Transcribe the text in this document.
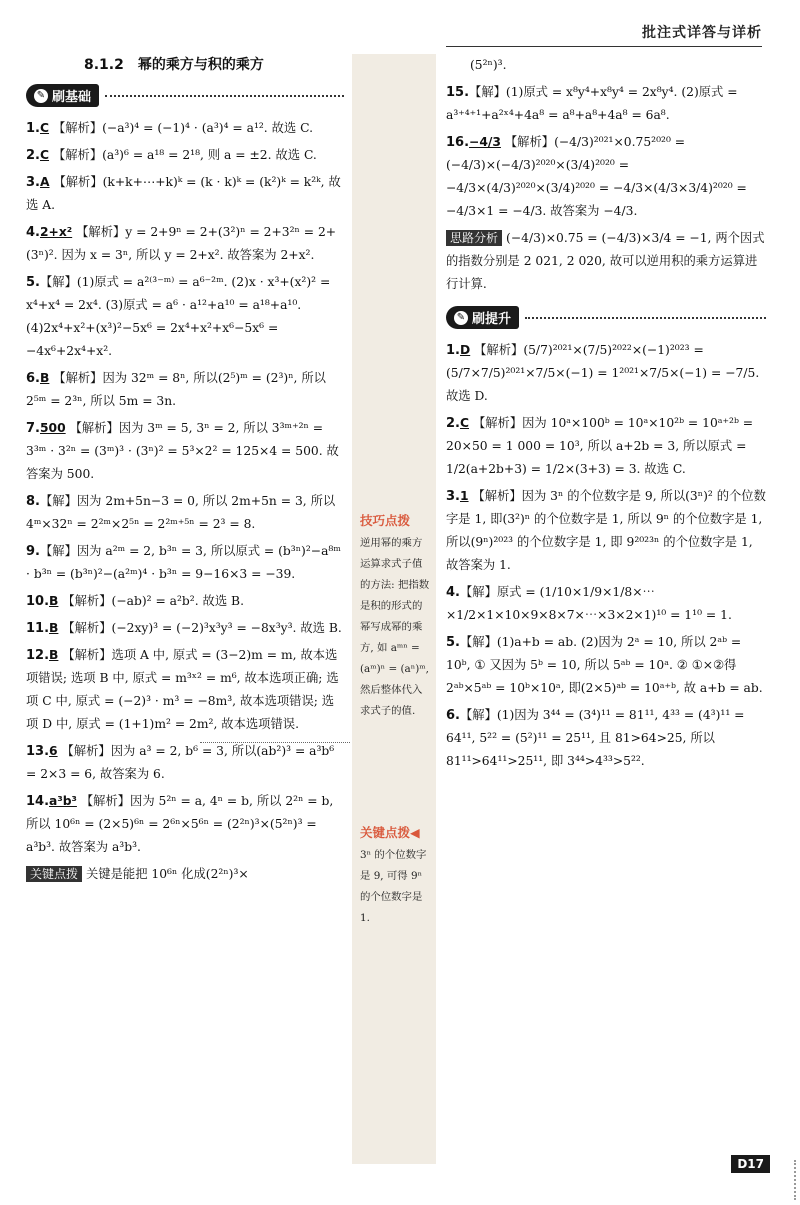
批注式详答与详析
8.1.2　幂的乘方与积的乘方
✎ 刷基础
1.C 【解析】(−a³)⁴ = (−1)⁴ · (a³)⁴ = a¹². 故选 C.
2.C 【解析】(a³)⁶ = a¹⁸ = 2¹⁸, 则 a = ±2. 故选 C.
3.A 【解析】(k+k+⋯+k)ᵏ = (k · k)ᵏ = (k²)ᵏ = k²ᵏ, 故选 A.
4.2+x² 【解析】y = 2+9ⁿ = 2+(3²)ⁿ = 2+3²ⁿ = 2+(3ⁿ)². 因为 x = 3ⁿ, 所以 y = 2+x². 故答案为 2+x².
5.【解】(1)原式 = a²⁽³⁻ᵐ⁾ = a⁶⁻²ᵐ. (2)x · x³+(x²)² = x⁴+x⁴ = 2x⁴. (3)原式 = a⁶ · a¹²+a¹⁰ = a¹⁸+a¹⁰. (4)2x⁴+x²+(x³)²−5x⁶ = 2x⁴+x²+x⁶−5x⁶ = −4x⁶+2x⁴+x².
6.B 【解析】因为 32ᵐ = 8ⁿ, 所以(2⁵)ᵐ = (2³)ⁿ, 所以 2⁵ᵐ = 2³ⁿ, 所以 5m = 3n.
7.500 【解析】因为 3ᵐ = 5, 3ⁿ = 2, 所以 3³ᵐ⁺²ⁿ = 3³ᵐ · 3²ⁿ = (3ᵐ)³ · (3ⁿ)² = 5³×2² = 125×4 = 500. 故答案为 500.
8.【解】因为 2m+5n−3 = 0, 所以 2m+5n = 3, 所以 4ᵐ×32ⁿ = 2²ᵐ×2⁵ⁿ = 2²ᵐ⁺⁵ⁿ = 2³ = 8.
9.【解】因为 a²ᵐ = 2, b³ⁿ = 3, 所以原式 = (b³ⁿ)²−a⁸ᵐ · b³ⁿ = (b³ⁿ)²−(a²ᵐ)⁴ · b³ⁿ = 9−16×3 = −39.
10.B 【解析】(−ab)² = a²b². 故选 B.
11.B 【解析】(−2xy)³ = (−2)³x³y³ = −8x³y³. 故选 B.
12.B 【解析】选项 A 中, 原式 = (3−2)m = m, 故本选项错误; 选项 B 中, 原式 = m³ˣ² = m⁶, 故本选项正确; 选项 C 中, 原式 = (−2)³ · m³ = −8m³, 故本选项错误; 选项 D 中, 原式 = (1+1)m² = 2m², 故本选项错误.
13.6 【解析】因为 a³ = 2, b⁶ = 3, 所以(ab²)³ = a³b⁶ = 2×3 = 6, 故答案为 6.
14.a³b³ 【解析】因为 5²ⁿ = a, 4ⁿ = b, 所以 2²ⁿ = b, 所以 10⁶ⁿ = (2×5)⁶ⁿ = 2⁶ⁿ×5⁶ⁿ = (2²ⁿ)³×(5²ⁿ)³ = a³b³. 故答案为 a³b³.
关键点拨 关键是能把 10⁶ⁿ 化成(2²ⁿ)³×
技巧点拨
逆用幂的乘方运算求式子值的方法: 把指数是积的形式的幂写成幂的乘方, 如 aᵐⁿ = (aᵐ)ⁿ = (aⁿ)ᵐ, 然后整体代入求式子的值.
关键点拨◀
3ⁿ 的个位数字是 9, 可得 9ⁿ 的个位数字是 1.
(5²ⁿ)³.
15.【解】(1)原式 = x⁸y⁴+x⁸y⁴ = 2x⁸y⁴. (2)原式 = a³⁺⁴⁺¹+a²ˣ⁴+4a⁸ = a⁸+a⁸+4a⁸ = 6a⁸.
16.−4/3 【解析】(−4/3)²⁰²¹×0.75²⁰²⁰ = (−4/3)×(−4/3)²⁰²⁰×(3/4)²⁰²⁰ = −4/3×(4/3)²⁰²⁰×(3/4)²⁰²⁰ = −4/3×(4/3×3/4)²⁰²⁰ = −4/3×1 = −4/3. 故答案为 −4/3.
思路分析 (−4/3)×0.75 = (−4/3)×3/4 = −1, 两个因式的指数分别是 2 021, 2 020, 故可以逆用积的乘方运算进行计算.
✎ 刷提升
1.D 【解析】(5/7)²⁰²¹×(7/5)²⁰²²×(−1)²⁰²³ = (5/7×7/5)²⁰²¹×7/5×(−1) = 1²⁰²¹×7/5×(−1) = −7/5. 故选 D.
2.C 【解析】因为 10ᵃ×100ᵇ = 10ᵃ×10²ᵇ = 10ᵃ⁺²ᵇ = 20×50 = 1 000 = 10³, 所以 a+2b = 3, 所以原式 = 1/2(a+2b+3) = 1/2×(3+3) = 3. 故选 C.
3.1 【解析】因为 3ⁿ 的个位数字是 9, 所以(3ⁿ)² 的个位数字是 1, 即(3²)ⁿ 的个位数字是 1, 所以 9ⁿ 的个位数字是 1, 所以(9ⁿ)²⁰²³ 的个位数字是 1, 即 9²⁰²³ⁿ 的个位数字是 1, 故答案为 1.
4.【解】原式 = (1/10×1/9×1/8×⋯×1/2×1×10×9×8×7×⋯×3×2×1)¹⁰ = 1¹⁰ = 1.
5.【解】(1)a+b = ab. (2)因为 2ᵃ = 10, 所以 2ᵃᵇ = 10ᵇ, ① 又因为 5ᵇ = 10, 所以 5ᵃᵇ = 10ᵃ. ② ①×②得 2ᵃᵇ×5ᵃᵇ = 10ᵇ×10ᵃ, 即(2×5)ᵃᵇ = 10ᵃ⁺ᵇ, 故 a+b = ab.
6.【解】(1)因为 3⁴⁴ = (3⁴)¹¹ = 81¹¹, 4³³ = (4³)¹¹ = 64¹¹, 5²² = (5²)¹¹ = 25¹¹, 且 81>64>25, 所以 81¹¹>64¹¹>25¹¹, 即 3⁴⁴>4³³>5²².
D17
